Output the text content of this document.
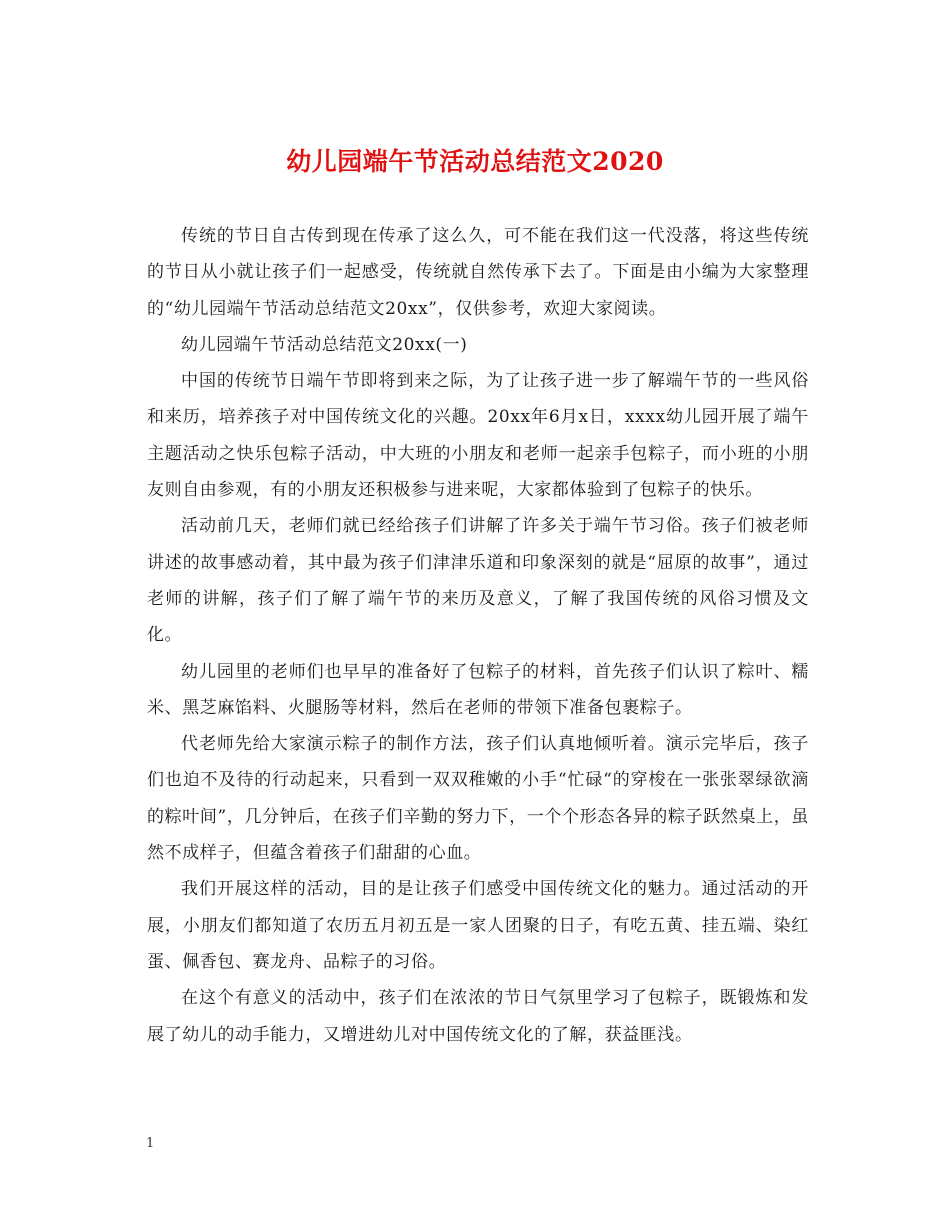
幼儿园端午节活动总结范文2020

传统的节日自古传到现在传承了这么久，可不能在我们这一代没落，将这些传统的节日从小就让孩子们一起感受，传统就自然传承下去了。下面是由小编为大家整理的“幼儿园端午节活动总结范文20xx”，仅供参考，欢迎大家阅读。

幼儿园端午节活动总结范文20xx(一)

中国的传统节日端午节即将到来之际，为了让孩子进一步了解端午节的一些风俗和来历，培养孩子对中国传统文化的兴趣。20xx年6月x日，xxxx幼儿园开展了端午主题活动之快乐包粽子活动，中大班的小朋友和老师一起亲手包粽子，而小班的小朋友则自由参观，有的小朋友还积极参与进来呢，大家都体验到了包粽子的快乐。

活动前几天，老师们就已经给孩子们讲解了许多关于端午节习俗。孩子们被老师讲述的故事感动着，其中最为孩子们津津乐道和印象深刻的就是“屈原的故事”，通过老师的讲解，孩子们了解了端午节的来历及意义，了解了我国传统的风俗习惯及文化。

幼儿园里的老师们也早早的准备好了包粽子的材料，首先孩子们认识了粽叶、糯米、黑芝麻馅料、火腿肠等材料，然后在老师的带领下准备包裹粽子。

代老师先给大家演示粽子的制作方法，孩子们认真地倾听着。演示完毕后，孩子们也迫不及待的行动起来，只看到一双双稚嫩的小手“忙碌“的穿梭在一张张翠绿欲滴的粽叶间”，几分钟后，在孩子们辛勤的努力下，一个个形态各异的粽子跃然桌上，虽然不成样子，但蕴含着孩子们甜甜的心血。

我们开展这样的活动，目的是让孩子们感受中国传统文化的魅力。通过活动的开展，小朋友们都知道了农历五月初五是一家人团聚的日子，有吃五黄、挂五端、染红蛋、佩香包、赛龙舟、品粽子的习俗。

在这个有意义的活动中，孩子们在浓浓的节日气氛里学习了包粽子，既锻炼和发展了幼儿的动手能力，又增进幼儿对中国传统文化的了解，获益匪浅。

1
